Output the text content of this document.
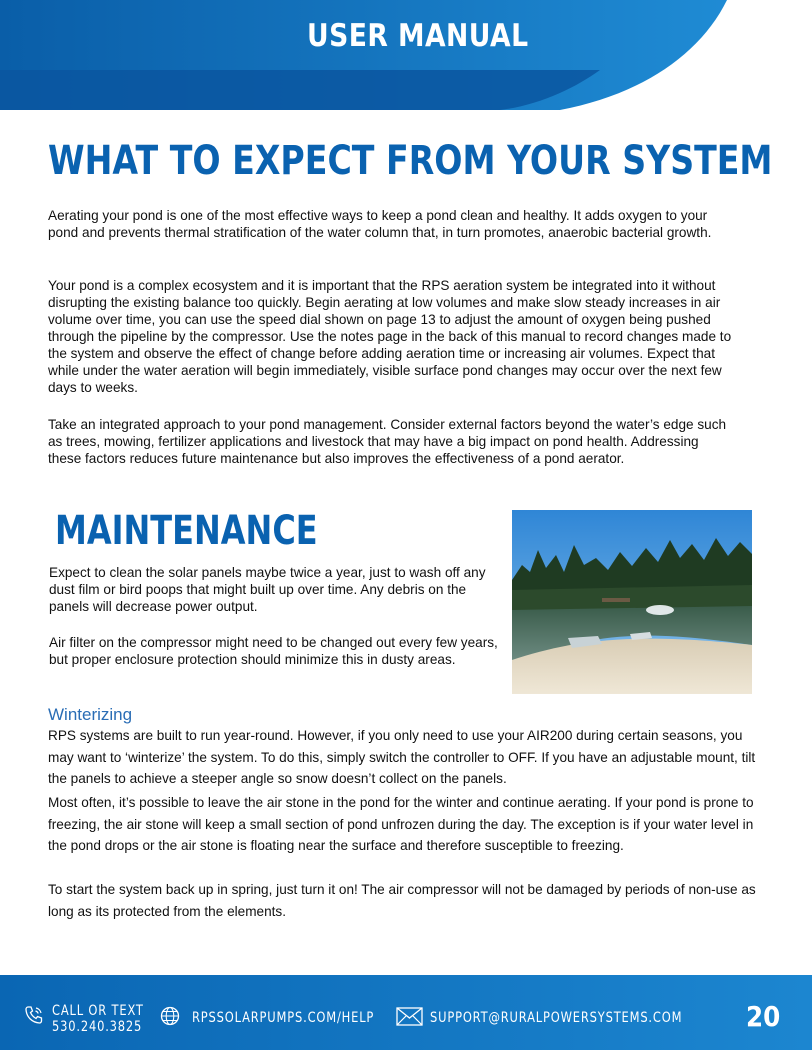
USER MANUAL
WHAT TO EXPECT FROM YOUR SYSTEM

Aerating your pond is one of the most effective ways to keep a pond clean and healthy. It adds oxygen to your pond and prevents thermal stratification of the water column that, in turn promotes, anaerobic bacterial growth.

Your pond is a complex ecosystem and it is important that the RPS aeration system be integrated into it without disrupting the existing balance too quickly. Begin aerating at low volumes and make slow steady increases in air volume over time, you can use the speed dial shown on page 13 to adjust the amount of oxygen being pushed through the pipeline by the compressor. Use the notes page in the back of this manual to record changes made to the system and observe the effect of change before adding aeration time or increasing air volumes. Expect that while under the water aeration will begin immediately, visible surface pond changes may occur over the next few days to weeks.

Take an integrated approach to your pond management. Consider external factors beyond the water’s edge such as trees, mowing, fertilizer applications and livestock that may have a big impact on pond health. Addressing these factors reduces future maintenance but also improves the effectiveness of a pond aerator.

MAINTENANCE

Expect to clean the solar panels maybe twice a year, just to wash off any dust film or bird poops that might built up over time. Any debris on the panels will decrease power output.

Air filter on the compressor might need to be changed out every few years, but proper enclosure protection should minimize this in dusty areas.

Winterizing

RPS systems are built to run year-round. However, if you only need to use your AIR200 during certain seasons, you may want to ‘winterize’ the system. To do this, simply switch the controller to OFF. If you have an adjustable mount, tilt the panels to achieve a steeper angle so snow doesn’t collect on the panels.

Most often, it’s possible to leave the air stone in the pond for the winter and continue aerating. If your pond is prone to freezing, the air stone will keep a small section of pond unfrozen during the day. The exception is if your water level in the pond drops or the air stone is floating near the surface and therefore susceptible to freezing.

To start the system back up in spring, just turn it on! The air compressor will not be damaged by periods of non-use as long as its protected from the elements.

CALL OR TEXT
530.240.3825
RPSSOLARPUMPS.COM/HELP	SUPPORT@RURALPOWERSYSTEMS.COM 20
